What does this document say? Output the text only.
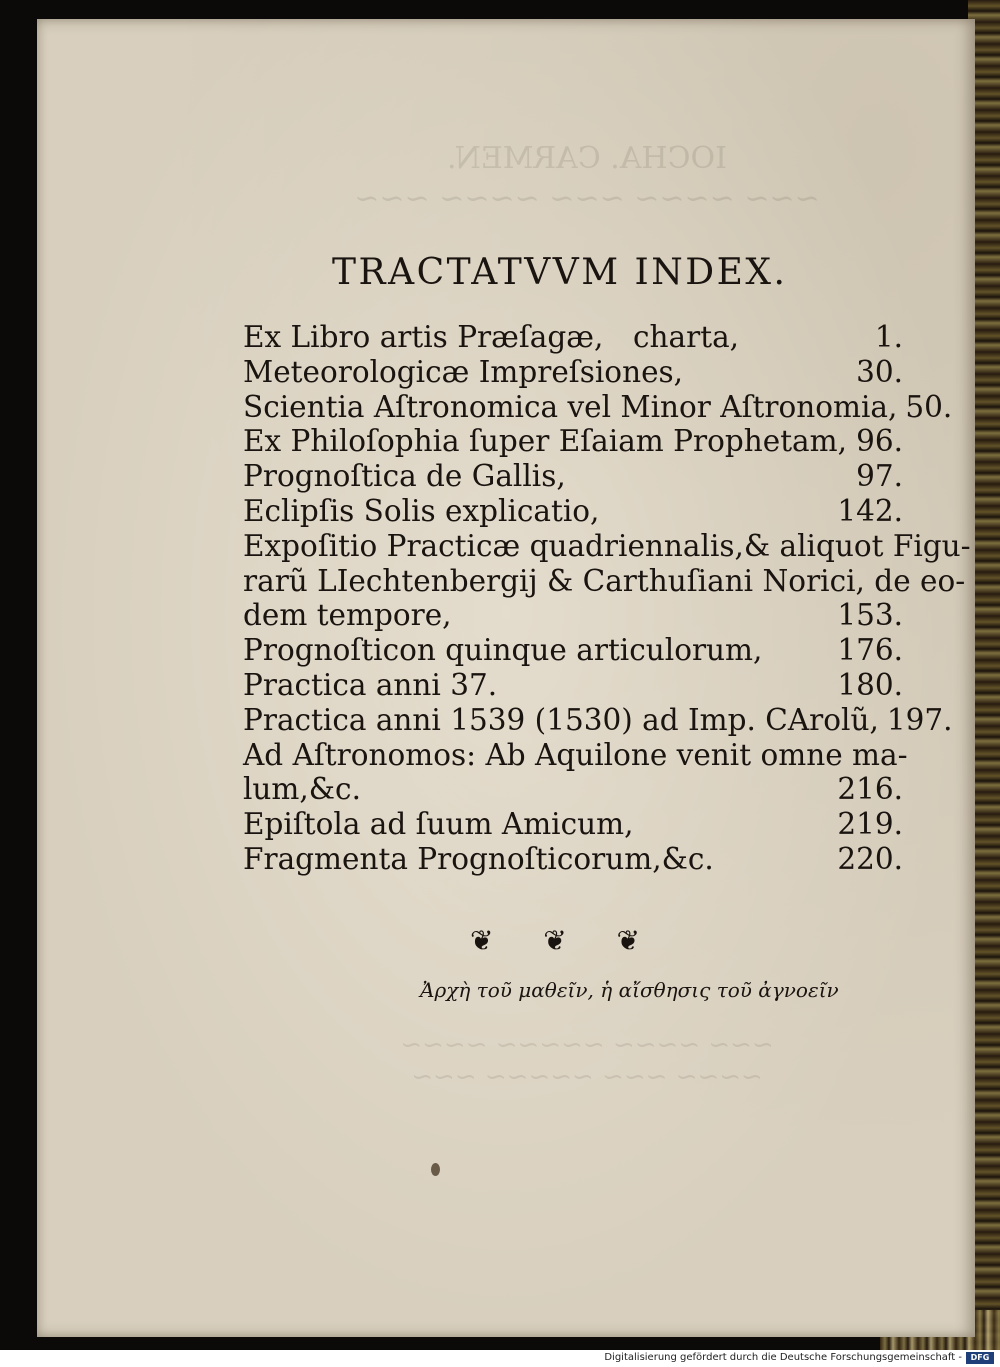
IOCHA. CARMEN.
~~~ ~~~~ ~~~ ~~~~ ~~~
~~~ ~~~~ ~~~~~ ~~~~
~~~~ ~~~ ~~~~~ ~~~
TRACTATVVM INDEX.
Ex Libro artis Præſagæ,	charta,	1.
Meteorologicæ Impreſsiones,	30.
Scientia Aſtronomica vel Minor Aſtronomia, 50.
Ex Philoſophia ſuper Eſaiam Prophetam, 96.
Prognoſtica de Gallis,	97.
Eclipſis Solis explicatio,	142.
Expoſitio Practicæ quadriennalis,& aliquot Figu-
rarũ LIechtenbergij & Carthuſiani Norici, de eo-
dem tempore,	153.
Prognoſticon quinque articulorum,	176.
Practica anni 37.	180.
Practica anni 1539 (1530) ad Imp. CArolũ, 197.
Ad Aſtronomos: Ab Aquilone venit omne ma-
lum,&c.	216.
Epiſtola ad ſuum Amicum,	219.
Fragmenta Prognoſticorum,&c.	220.
❦ ❦ ❦
Ἀρχὴ τοῦ μαθεῖν, ἡ αἴσθησις τοῦ ἀγνοεῖν
Digitalisierung gefördert durch die Deutsche Forschungsgemeinschaft -	DFG
